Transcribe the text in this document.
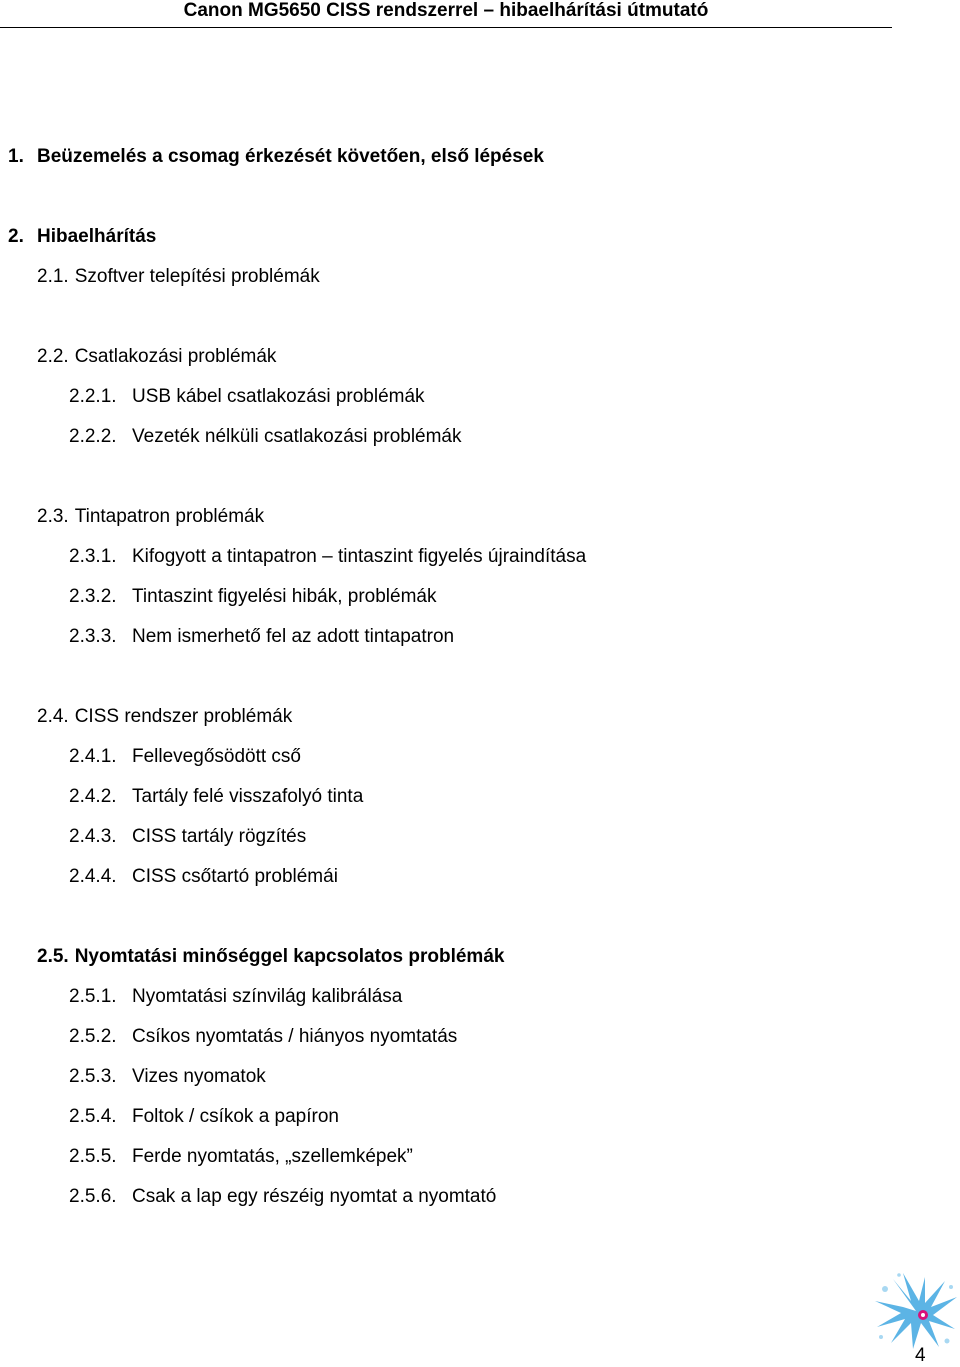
Canon MG5650 CISS rendszerrel – hibaelhárítási útmutató
1. Beüzemelés a csomag érkezését követően, első lépések
2. Hibaelhárítás
2.1. Szoftver telepítési problémák
2.2. Csatlakozási problémák
2.2.1. USB kábel csatlakozási problémák
2.2.2. Vezeték nélküli csatlakozási problémák
2.3. Tintapatron problémák
2.3.1. Kifogyott a tintapatron – tintaszint figyelés újraindítása
2.3.2. Tintaszint figyelési hibák, problémák
2.3.3. Nem ismerhető fel az adott tintapatron
2.4. CISS rendszer problémák
2.4.1. Fellevegősödött cső
2.4.2. Tartály felé visszafolyó tinta
2.4.3. CISS tartály rögzítés
2.4.4. CISS csőtartó problémái
2.5. Nyomtatási minőséggel kapcsolatos problémák
2.5.1. Nyomtatási színvilág kalibrálása
2.5.2. Csíkos nyomtatás / hiányos nyomtatás
2.5.3. Vizes nyomatok
2.5.4. Foltok / csíkok a papíron
2.5.5. Ferde nyomtatás, „szellemképek”
2.5.6. Csak a lap egy részéig nyomtat a nyomtató
4
